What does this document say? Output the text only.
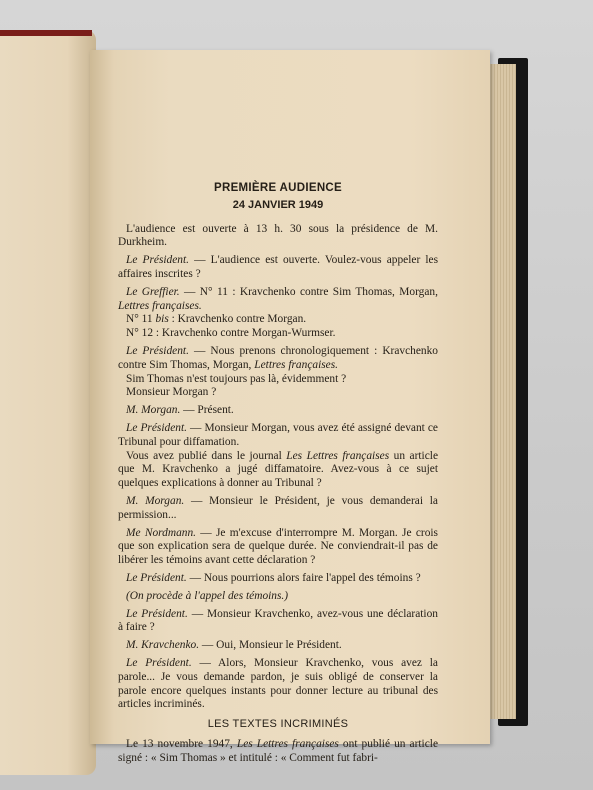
PREMIÈRE AUDIENCE
24 JANVIER 1949

L'audience est ouverte à 13 h. 30 sous la présidence de M. Durkheim.

Le Président. — L'audience est ouverte. Voulez-vous appeler les affaires inscrites ?

Le Greffier. — N° 11 : Kravchenko contre Sim Thomas, Morgan, Lettres françaises.

N° 11 bis : Kravchenko contre Morgan.

N° 12 : Kravchenko contre Morgan-Wurmser.

Le Président. — Nous prenons chronologiquement : Kravchenko contre Sim Thomas, Morgan, Lettres françaises.

Sim Thomas n'est toujours pas là, évidemment ?

Monsieur Morgan ?

M. Morgan. — Présent.

Le Président. — Monsieur Morgan, vous avez été assigné devant ce Tribunal pour diffamation.

Vous avez publié dans le journal Les Lettres françaises un article que M. Kravchenko a jugé diffamatoire. Avez-vous à ce sujet quelques explications à donner au Tribunal ?

M. Morgan. — Monsieur le Président, je vous demanderai la permission...

Me Nordmann. — Je m'excuse d'interrompre M. Morgan. Je crois que son explication sera de quelque durée. Ne conviendrait-il pas de libérer les témoins avant cette déclaration ?

Le Président. — Nous pourrions alors faire l'appel des témoins ?

(On procède à l'appel des témoins.)

Le Président. — Monsieur Kravchenko, avez-vous une déclaration à faire ?

M. Kravchenko. — Oui, Monsieur le Président.

Le Président. — Alors, Monsieur Kravchenko, vous avez la parole... Je vous demande pardon, je suis obligé de conserver la parole encore quelques instants pour donner lecture au tribunal des articles incriminés.

LES TEXTES INCRIMINÉS

Le 13 novembre 1947, Les Lettres françaises ont publié un article signé : « Sim Thomas » et intitulé : « Comment fut fabri-
